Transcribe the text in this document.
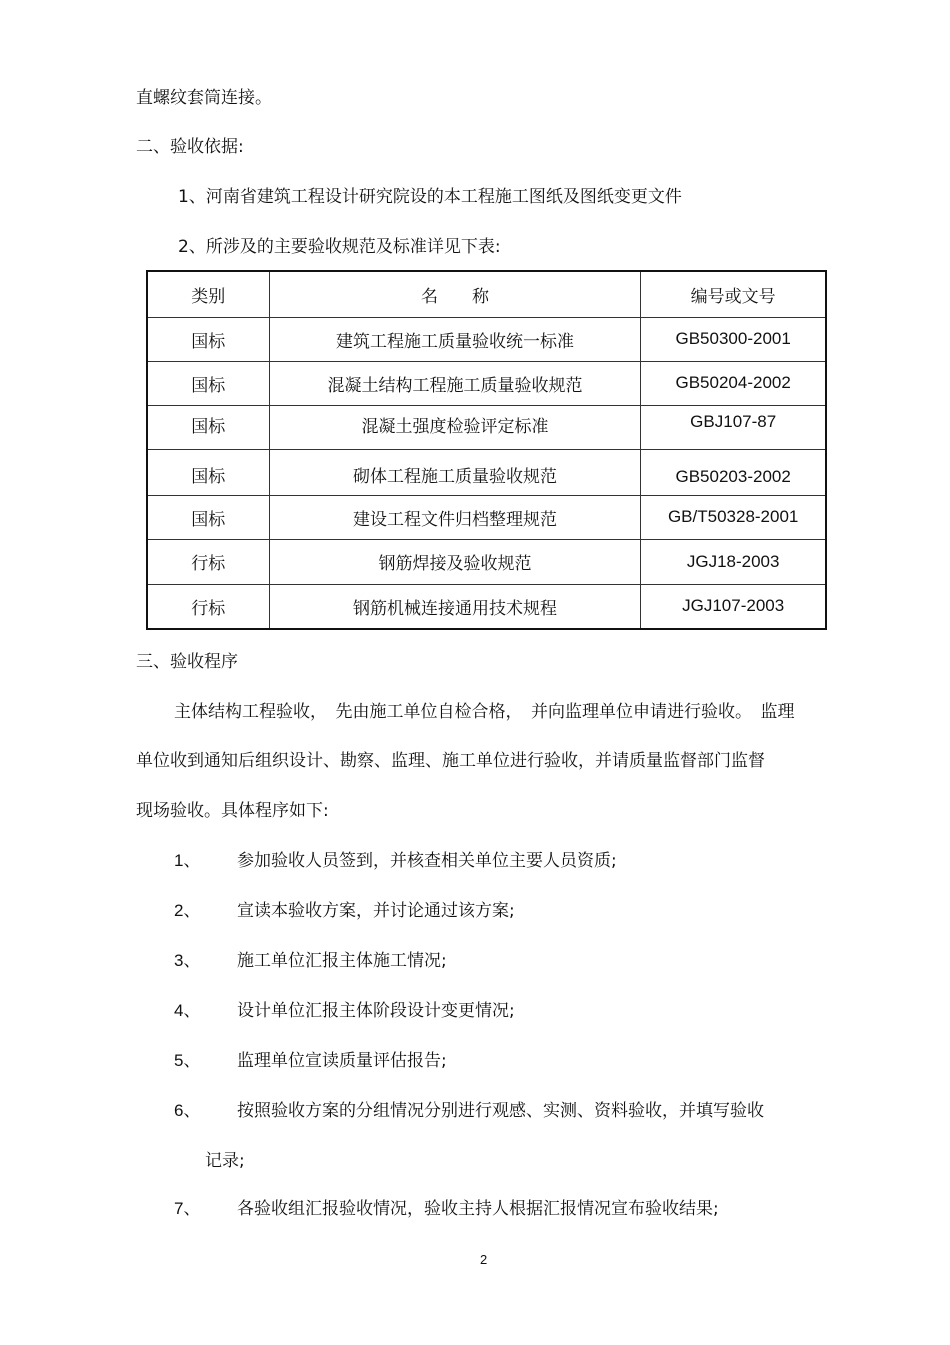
直螺纹套筒连接。
二、验收依据:
1、河南省建筑工程设计研究院设的本工程施工图纸及图纸变更文件
2、所涉及的主要验收规范及标准详见下表:
类别	名　　称	编号或文号
国标	建筑工程施工质量验收统一标准	GB50300-2001
国标	混凝土结构工程施工质量验收规范	GB50204-2002
国标	混凝土强度检验评定标准	GBJ107-87
国标	砌体工程施工质量验收规范	GB50203-2002
国标	建设工程文件归档整理规范	GB/T50328-2001
行标	钢筋焊接及验收规范	JGJ18-2003
行标	钢筋机械连接通用技术规程	JGJ107-2003
三、验收程序
主体结构工程验收，　先由施工单位自检合格，　并向监理单位申请进行验收。　监理
单位收到通知后组织设计、勘察、监理、施工单位进行验收，并请质量监督部门监督
现场验收。具体程序如下:
1、 参加验收人员签到，并核查相关单位主要人员资质;
2、 宣读本验收方案，并讨论通过该方案;
3、 施工单位汇报主体施工情况;
4、 设计单位汇报主体阶段设计变更情况;
5、 监理单位宣读质量评估报告;
6、 按照验收方案的分组情况分别进行观感、实测、资料验收，并填写验收
记录;
7、 各验收组汇报验收情况，验收主持人根据汇报情况宣布验收结果;
2
